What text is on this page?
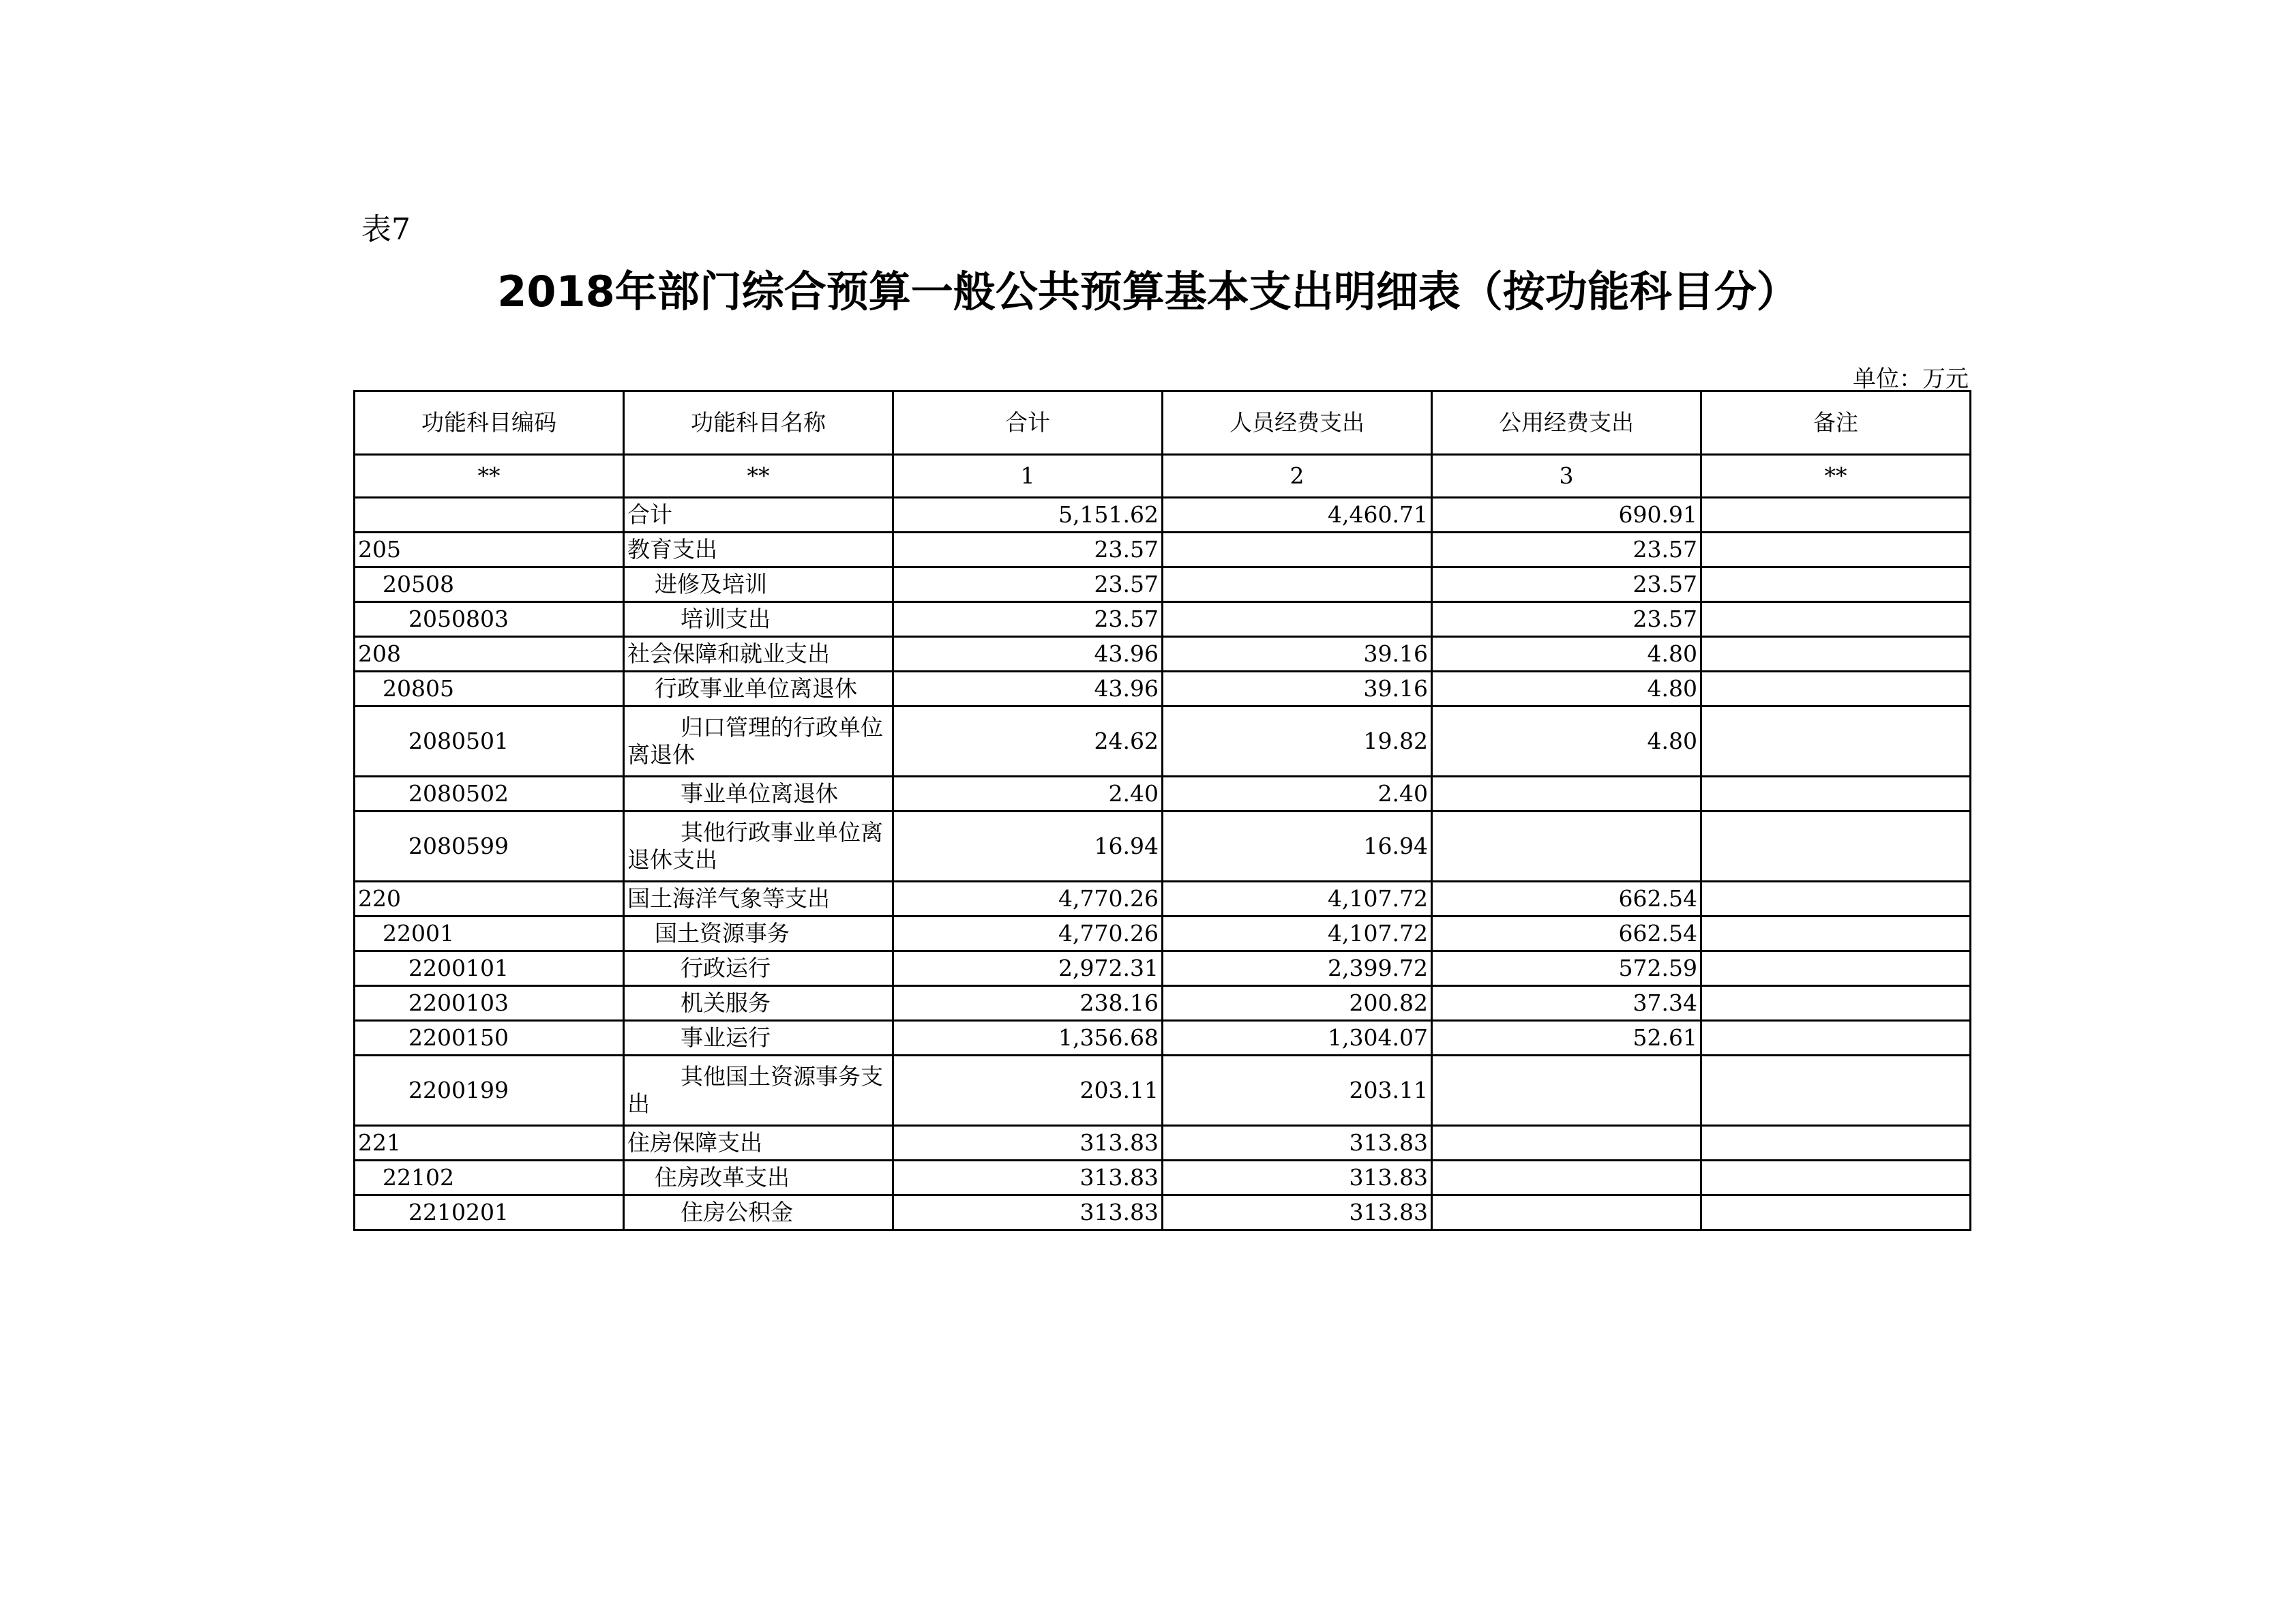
表7
2018年部门综合预算一般公共预算基本支出明细表（按功能科目分）
单位：万元
功能科目编码	功能科目名称	合计	人员经费支出	公用经费支出	备注
**	**	1	2	3	**
	合计	5,151.62	4,460.71	690.91	
205	教育支出	23.57		23.57	
20508	进修及培训	23.57		23.57	
2050803	培训支出	23.57		23.57	
208	社会保障和就业支出	43.96	39.16	4.80	
20805	行政事业单位离退休	43.96	39.16	4.80	
2080501	归口管理的行政单位离退休	24.62	19.82	4.80	
2080502	事业单位离退休	2.40	2.40		
2080599	其他行政事业单位离退休支出	16.94	16.94		
220	国土海洋气象等支出	4,770.26	4,107.72	662.54	
22001	国土资源事务	4,770.26	4,107.72	662.54	
2200101	行政运行	2,972.31	2,399.72	572.59	
2200103	机关服务	238.16	200.82	37.34	
2200150	事业运行	1,356.68	1,304.07	52.61	
2200199	其他国土资源事务支出	203.11	203.11		
221	住房保障支出	313.83	313.83		
22102	住房改革支出	313.83	313.83		
2210201	住房公积金	313.83	313.83		
